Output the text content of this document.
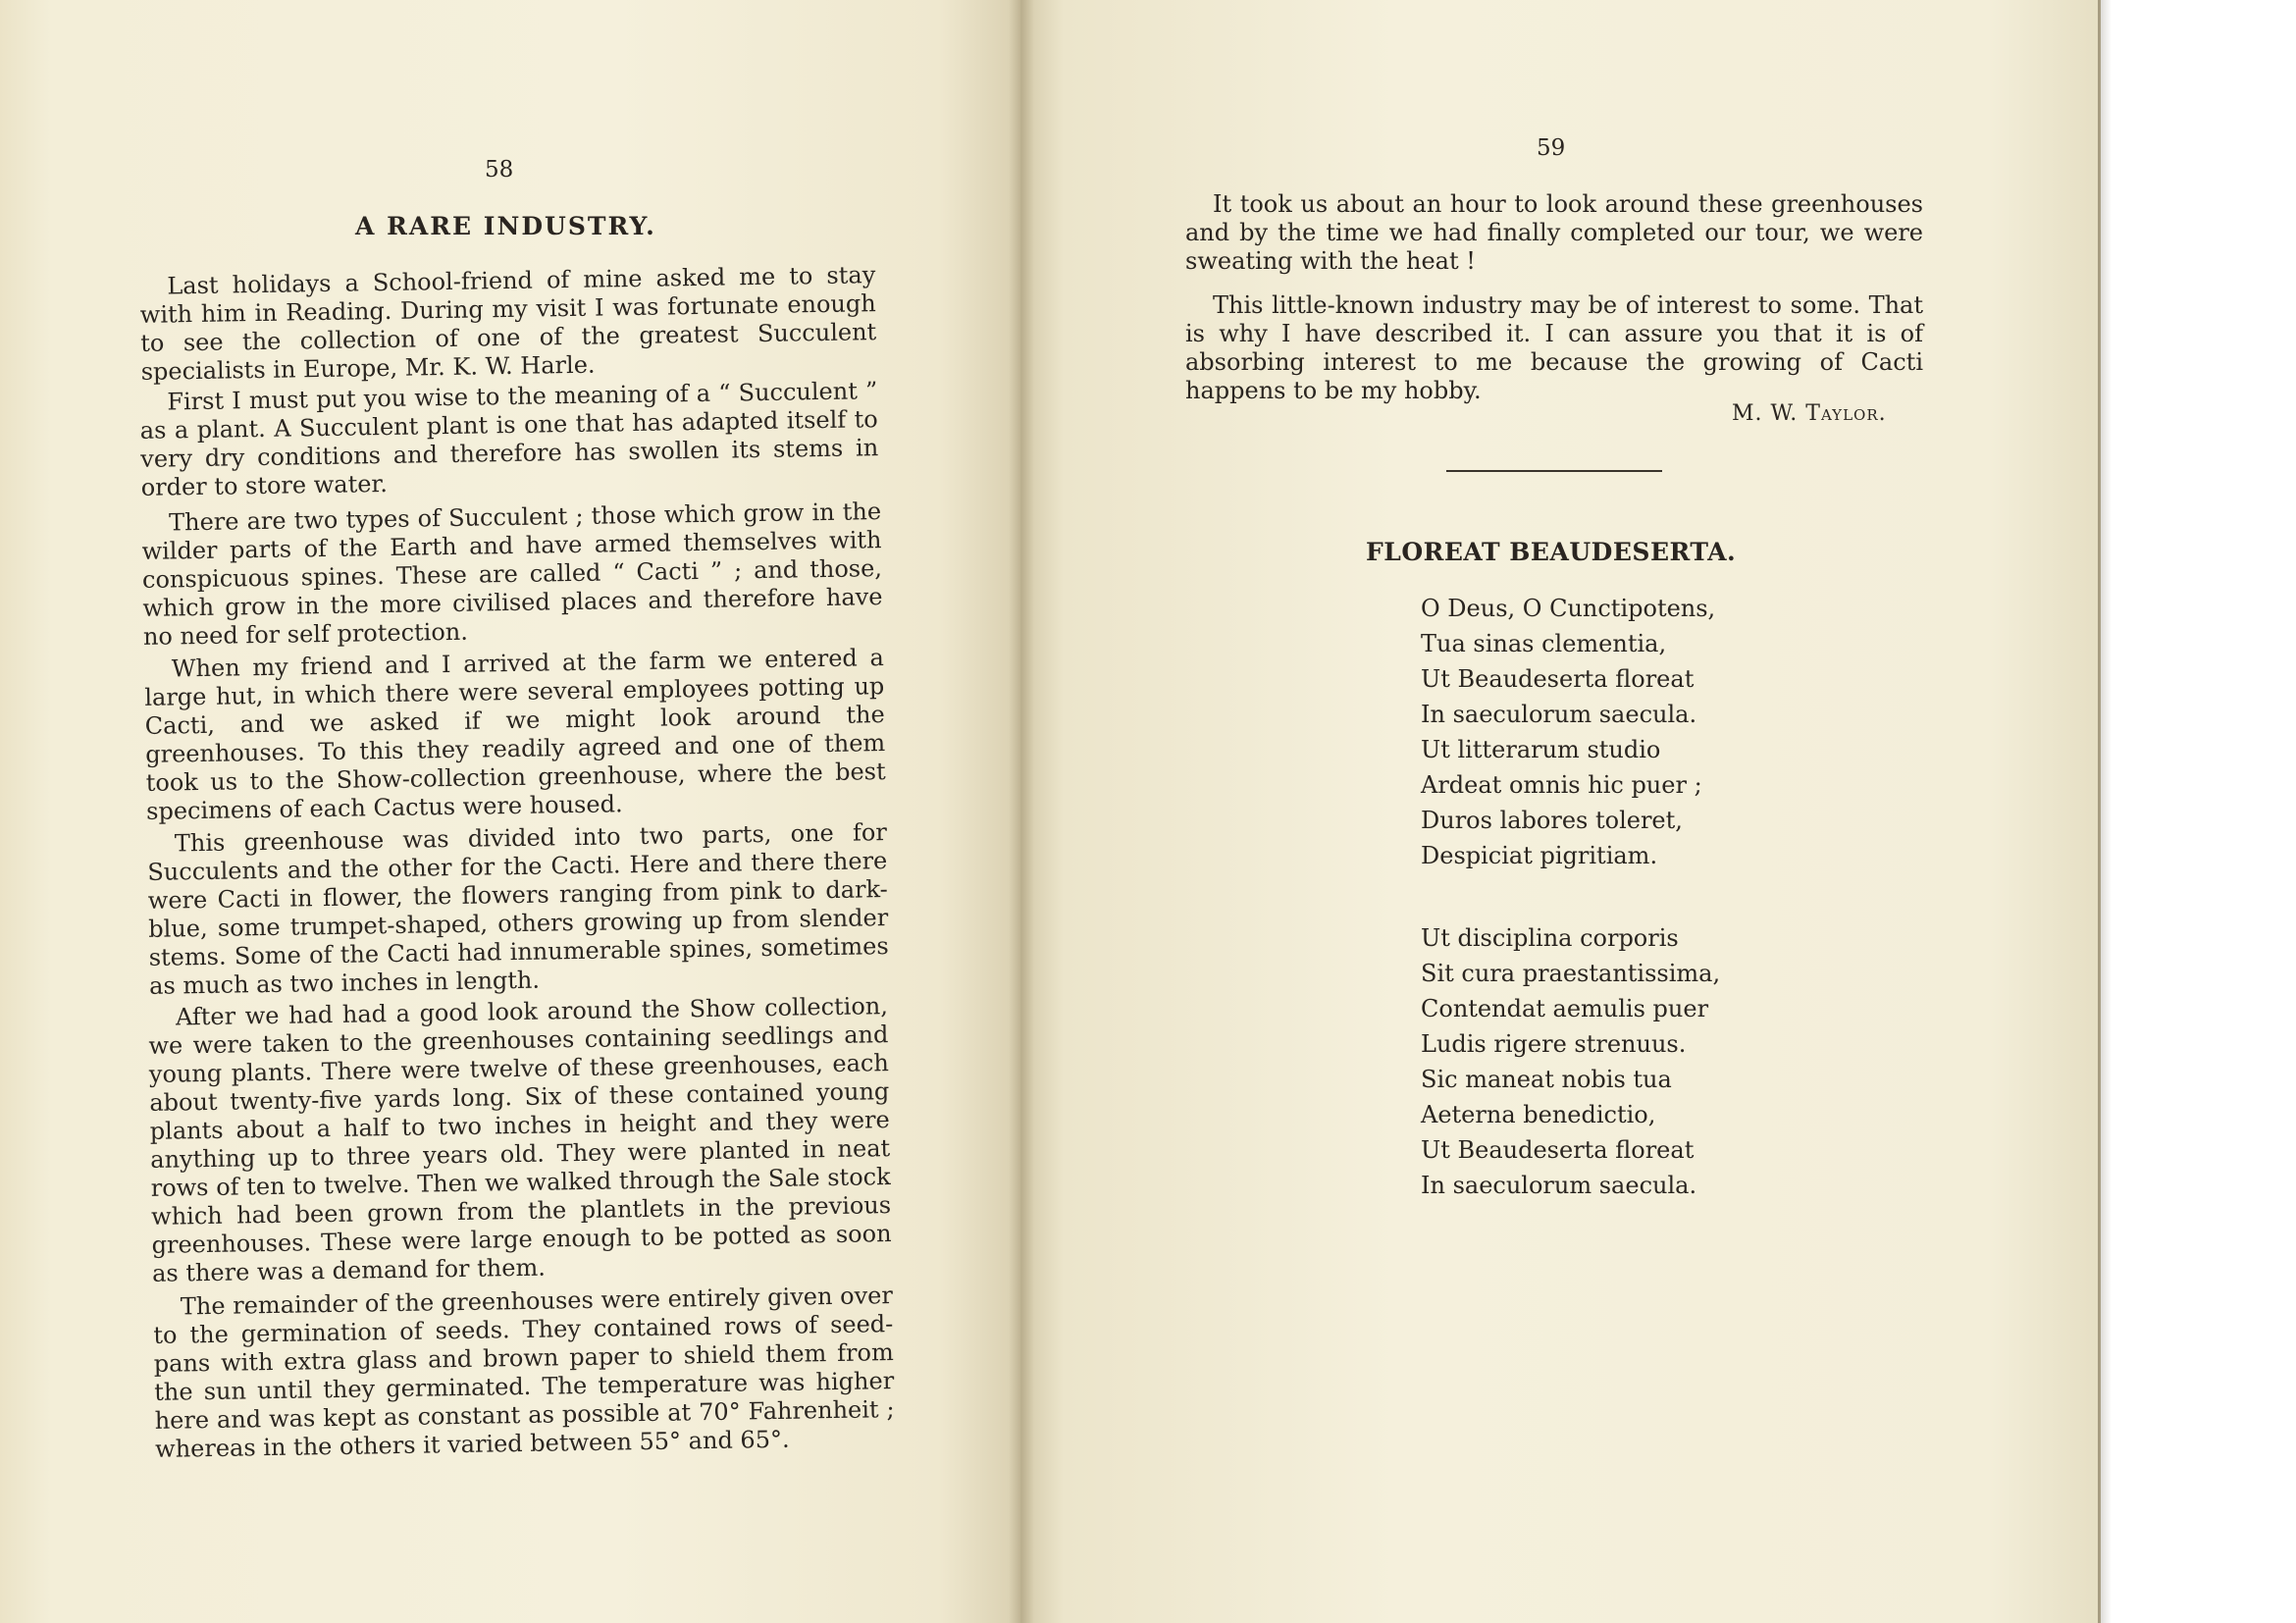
58
A RARE INDUSTRY.

Last holidays a School-friend of mine asked me to stay with him in Reading. During my visit I was fortunate enough to see the collection of one of the greatest Succulent specialists in Europe, Mr. K. W. Harle.

First I must put you wise to the meaning of a “ Succulent ” as a plant. A Succulent plant is one that has adapted itself to very dry conditions and therefore has swollen its stems in order to store water.

There are two types of Succulent ; those which grow in the wilder parts of the Earth and have armed themselves with conspicuous spines. These are called “ Cacti ” ; and those, which grow in the more civilised places and therefore have no need for self protection.

When my friend and I arrived at the farm we entered a large hut, in which there were several employees potting up Cacti, and we asked if we might look around the greenhouses. To this they readily agreed and one of them took us to the Show-collection greenhouse, where the best specimens of each Cactus were housed.

This greenhouse was divided into two parts, one for Succulents and the other for the Cacti. Here and there there were Cacti in flower, the flowers ranging from pink to dark-blue, some trumpet-shaped, others growing up from slender stems. Some of the Cacti had innumerable spines, sometimes as much as two inches in length.

After we had had a good look around the Show collection, we were taken to the greenhouses containing seedlings and young plants. There were twelve of these greenhouses, each about twenty-five yards long. Six of these contained young plants about a half to two inches in height and they were anything up to three years old. They were planted in neat rows of ten to twelve. Then we walked through the Sale stock which had been grown from the plantlets in the previous greenhouses. These were large enough to be potted as soon as there was a demand for them.

The remainder of the greenhouses were entirely given over to the germination of seeds. They contained rows of seed-pans with extra glass and brown paper to shield them from the sun until they germinated. The temperature was higher here and was kept as constant as possible at 70° Fahrenheit ; whereas in the others it varied between 55° and 65°.

59

It took us about an hour to look around these greenhouses and by the time we had finally completed our tour, we were sweating with the heat !

This little-known industry may be of interest to some. That is why I have described it. I can assure you that it is of absorbing interest to me because the growing of Cacti happens to be my hobby.

M. W. Taylor.
FLOREAT BEAUDESERTA.
O Deus, O Cunctipotens,
Tua sinas clementia,
Ut Beaudeserta floreat
In saeculorum saecula.
Ut litterarum studio
Ardeat omnis hic puer ;
Duros labores toleret,
Despiciat pigritiam.
Ut disciplina corporis
Sit cura praestantissima,
Contendat aemulis puer
Ludis rigere strenuus.
Sic maneat nobis tua
Aeterna benedictio,
Ut Beaudeserta floreat
In saeculorum saecula.
